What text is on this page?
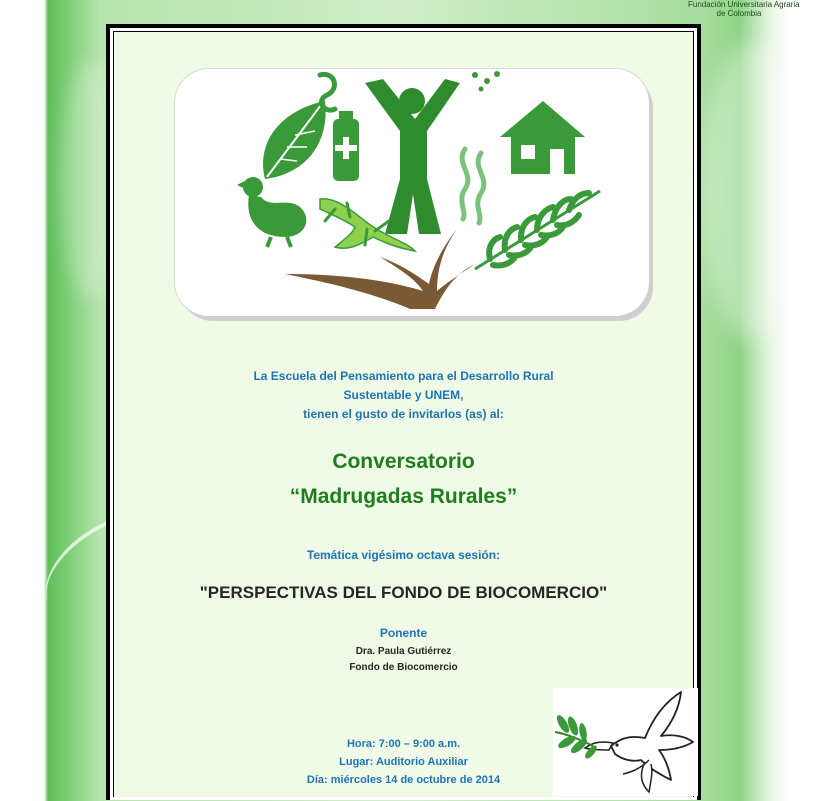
Fundación Universitaria Agraria
de Colombia
La Escuela del Pensamiento para el Desarrollo Rural
Sustentable y UNEM,
tienen el gusto de invitarlos (as) al:
Conversatorio
“Madrugadas Rurales”
Temática vigésimo octava sesión:
"PERSPECTIVAS DEL FONDO DE BIOCOMERCIO"
Ponente
Dra. Paula Gutiérrez
Fondo de Biocomercio
Hora: 7:00 – 9:00 a.m.
Lugar: Auditorio Auxiliar
Día: miércoles 14 de octubre de 2014
